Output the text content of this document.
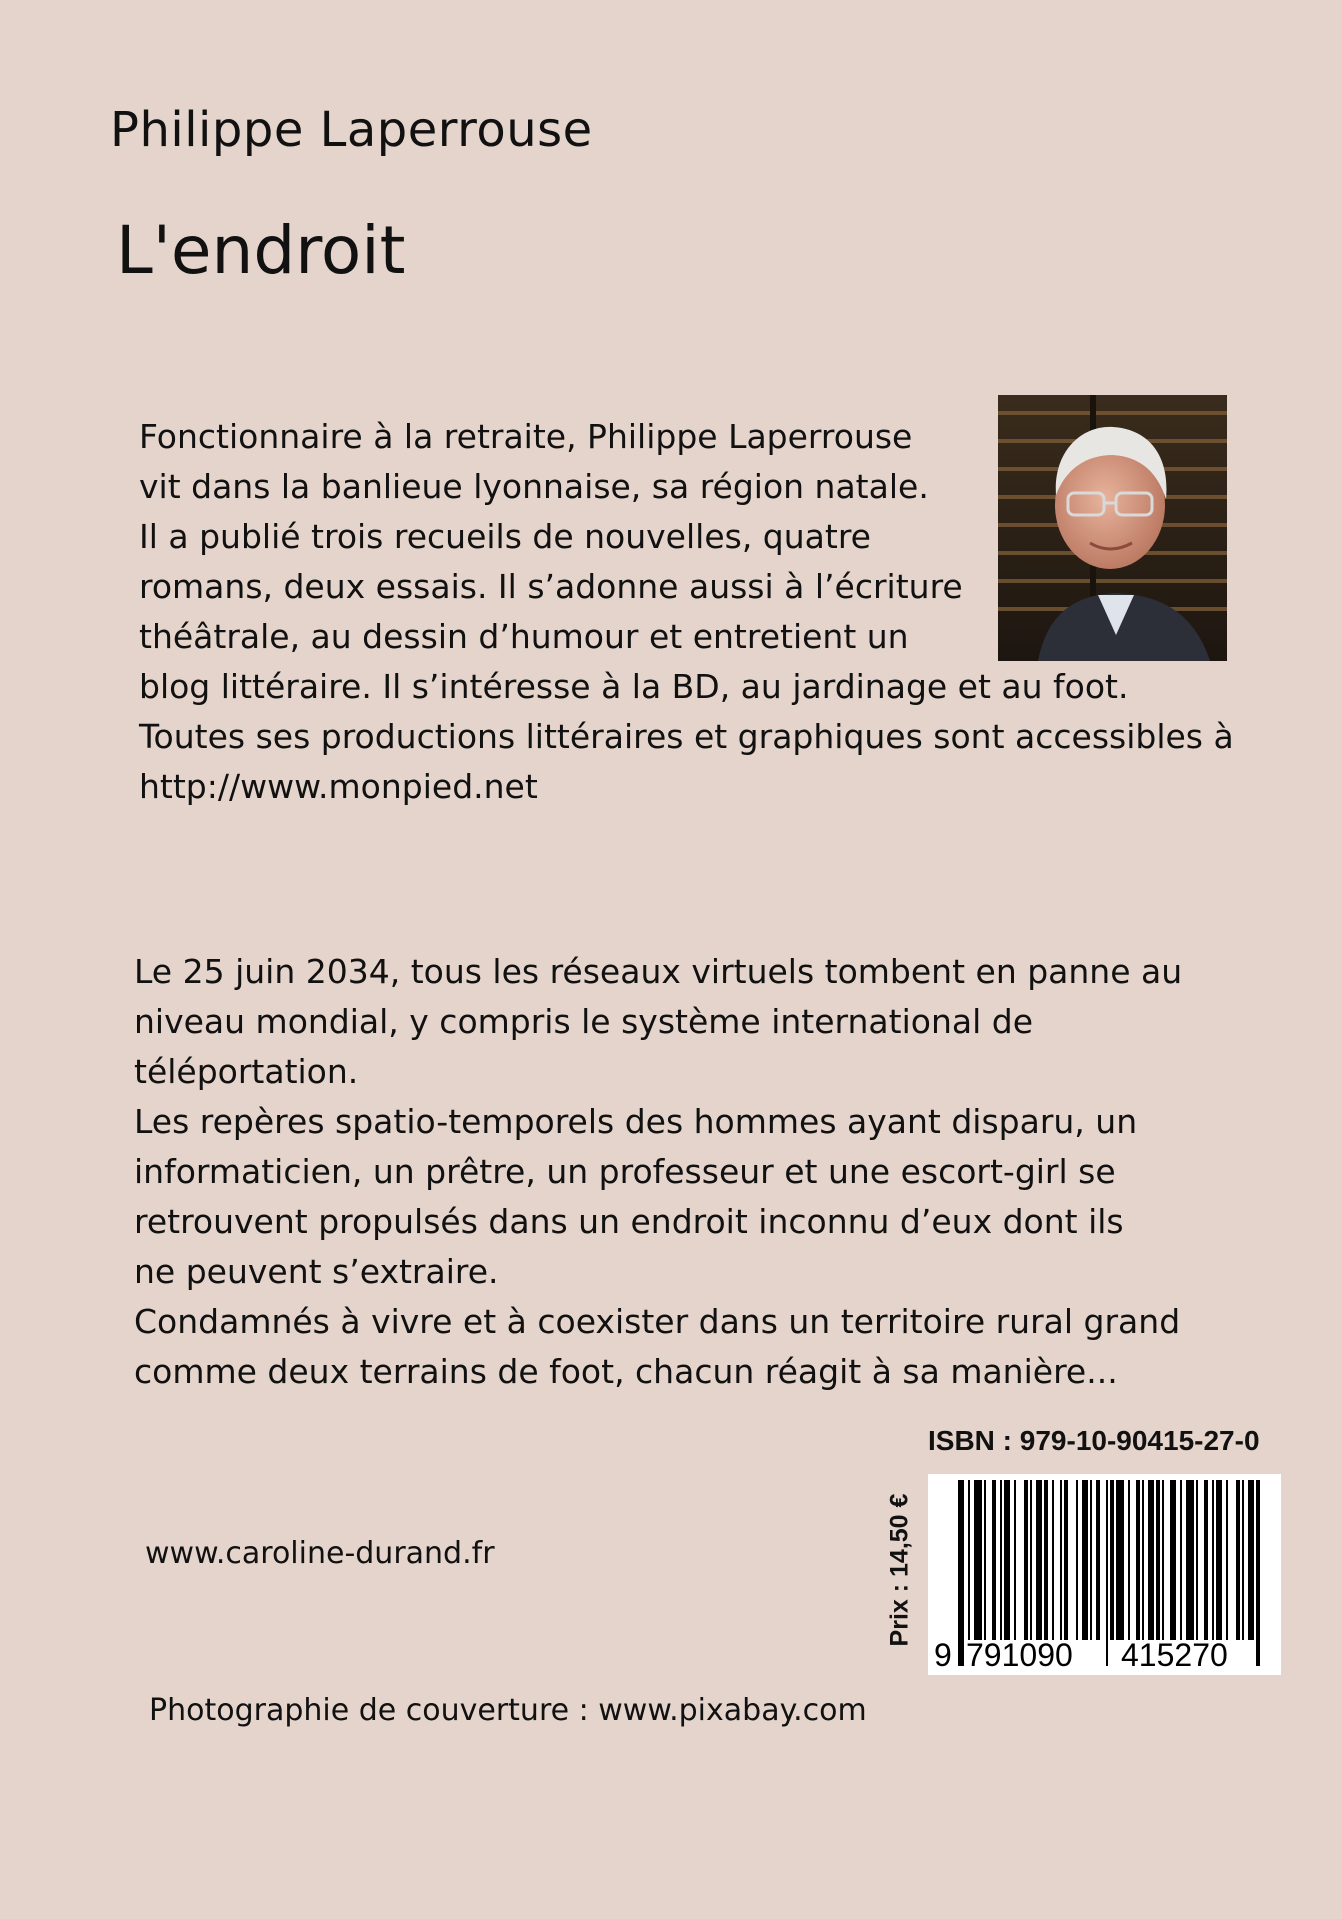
Philippe Laperrouse
L'endroit
Fonctionnaire à la retraite, Philippe Laperrouse
vit dans la banlieue lyonnaise, sa région natale.
Il a publié trois recueils de nouvelles, quatre
romans, deux essais. Il s’adonne aussi à l’écriture
théâtrale, au dessin d’humour et entretient un
blog littéraire. Il s’intéresse à la BD, au jardinage et au foot.
Toutes ses productions littéraires et graphiques sont accessibles à
http://www.monpied.net
Le 25 juin 2034, tous les réseaux virtuels tombent en panne au
niveau mondial, y compris le système international de
téléportation.
Les repères spatio-temporels des hommes ayant disparu, un
informaticien, un prêtre, un professeur et une escort-girl se
retrouvent propulsés dans un endroit inconnu d’eux dont ils
ne peuvent s’extraire.
Condamnés à vivre et à coexister dans un territoire rural grand
comme deux terrains de foot, chacun réagit à sa manière...
ISBN : 979-10-90415-27-0
Prix : 14,50 €
9 791090 415270
www.caroline-durand.fr
Photographie de couverture : www.pixabay.com
